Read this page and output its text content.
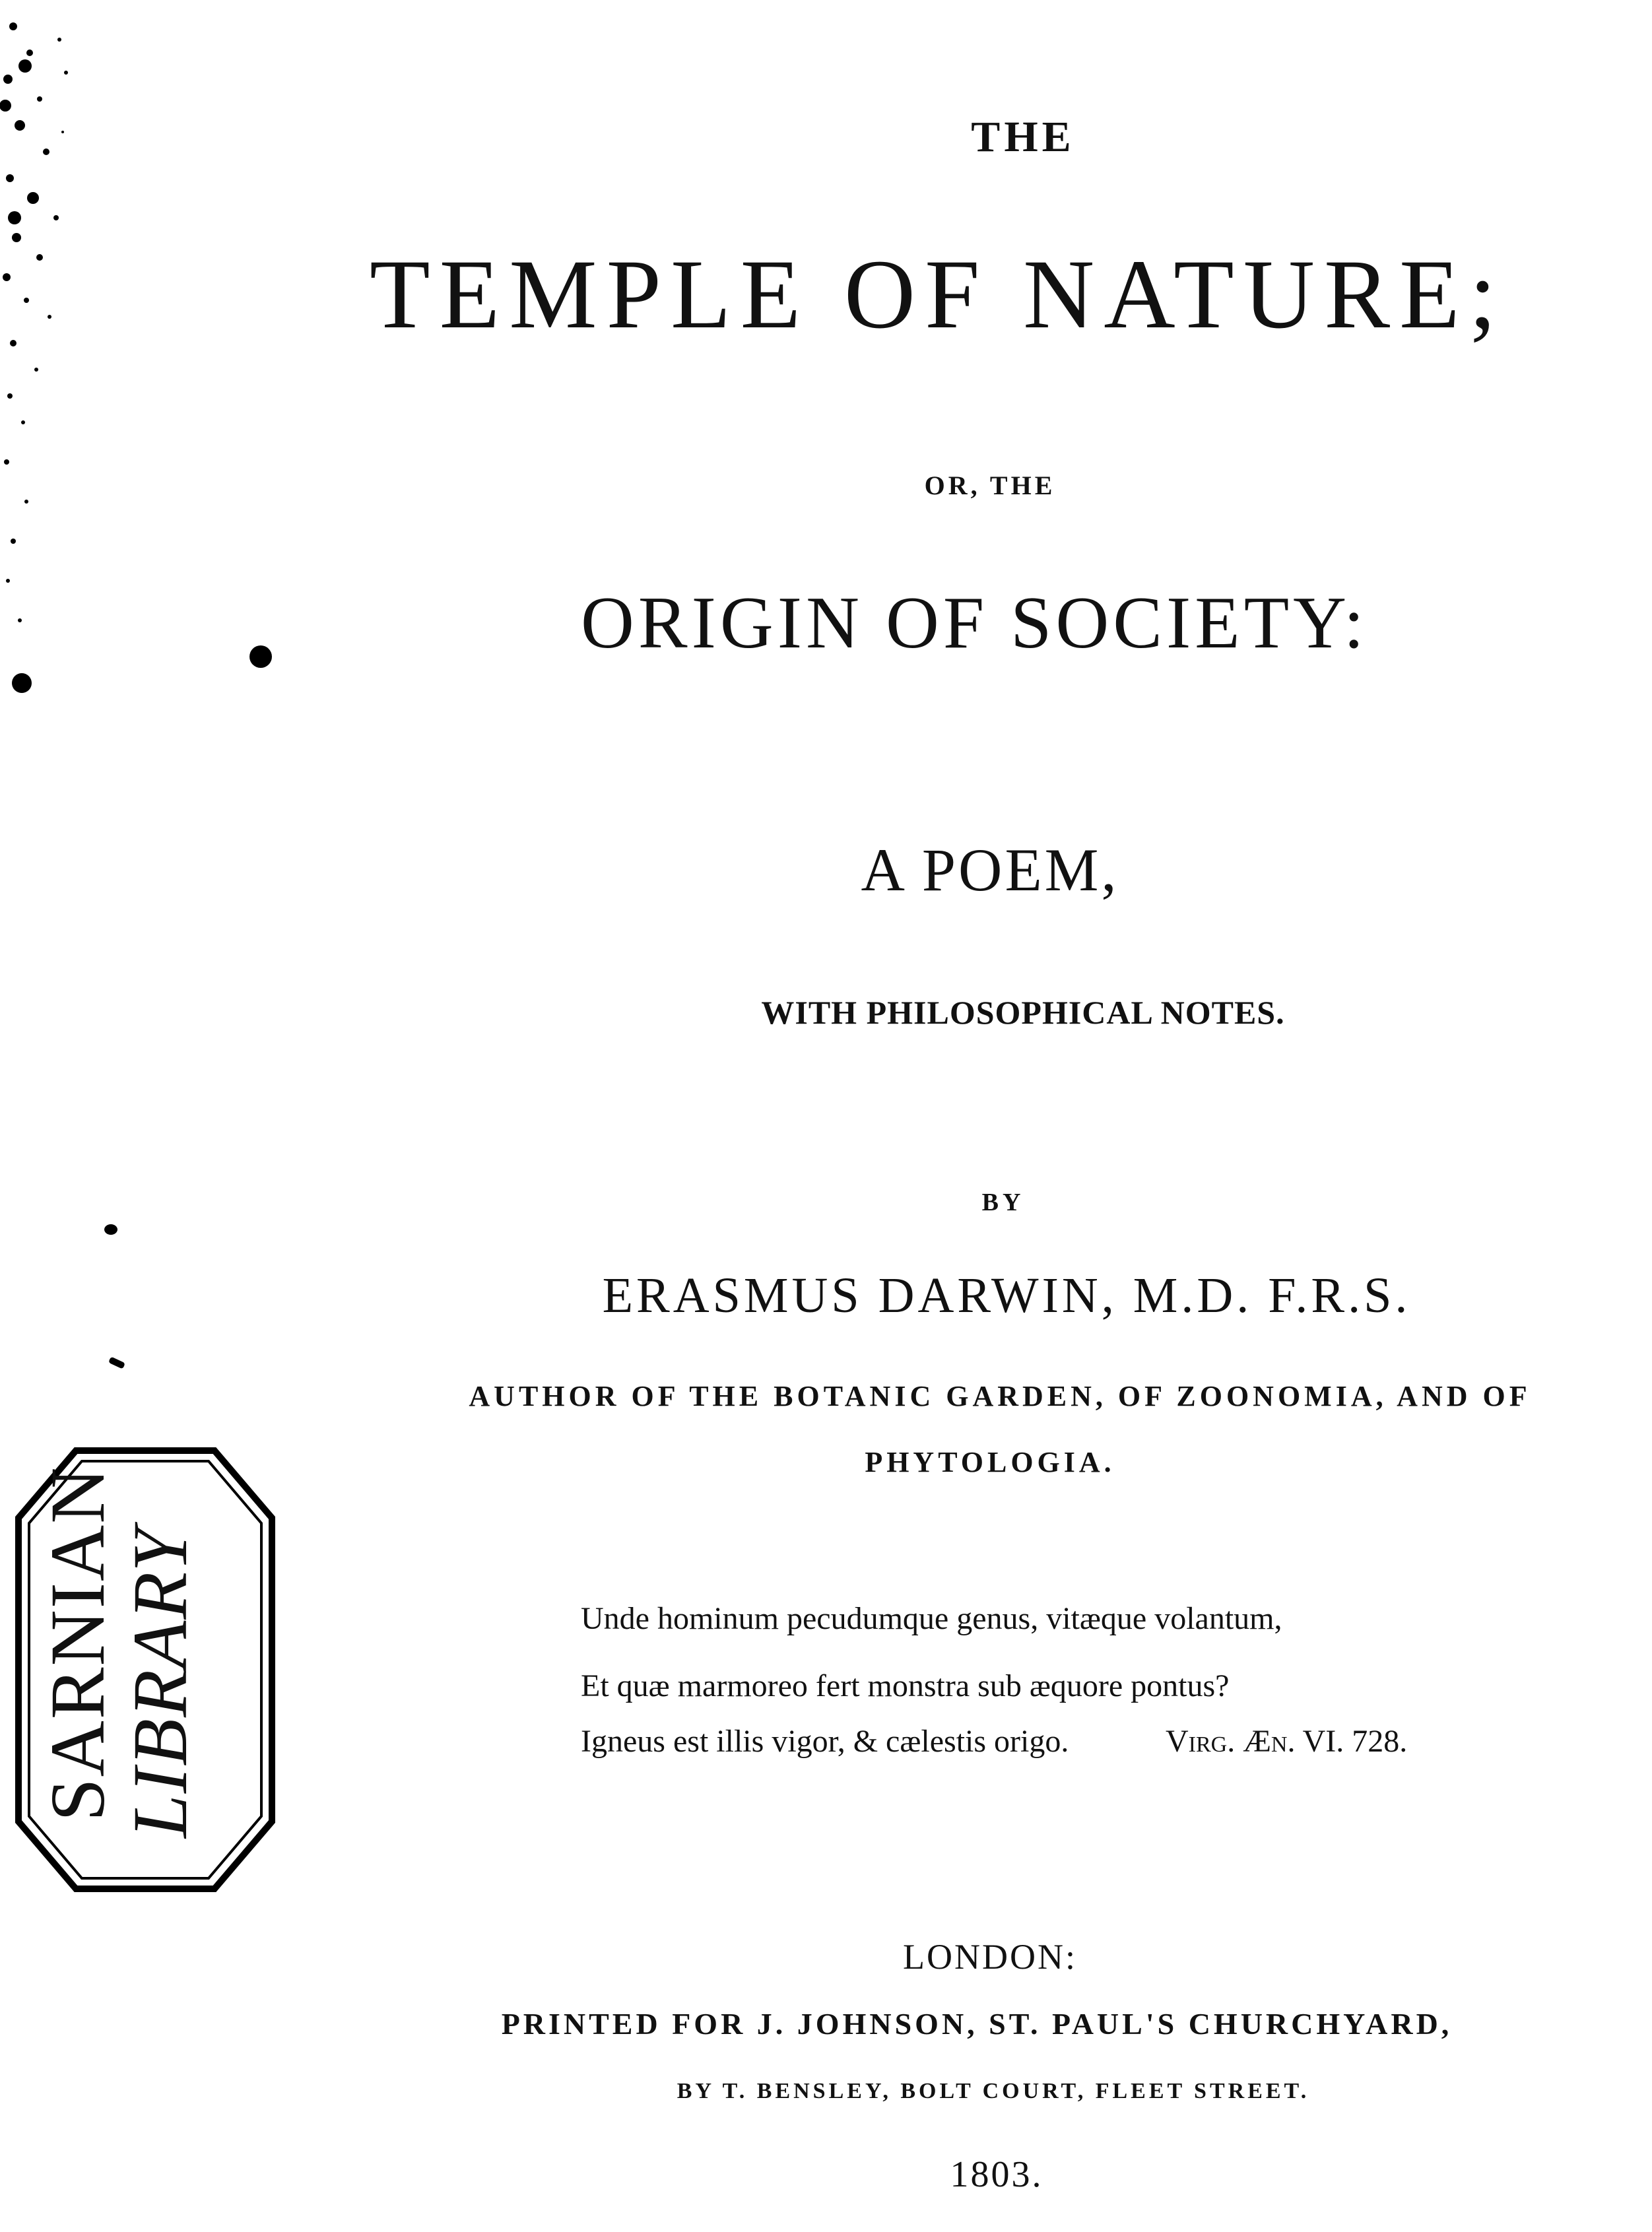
THE
TEMPLE OF NATURE;
OR, THE
ORIGIN OF SOCIETY:
A POEM,
WITH PHILOSOPHICAL NOTES.
BY
ERASMUS DARWIN, M.D. F.R.S.
AUTHOR OF THE BOTANIC GARDEN, OF ZOONOMIA, AND OF
PHYTOLOGIA.
Unde hominum pecudumque genus, vitæque volantum,
Et quæ marmoreo fert monstra sub æquore pontus?
Igneus est illis vigor, & cælestis origo.	Virg. Æn. VI. 728.
LONDON:
PRINTED FOR J. JOHNSON, ST. PAUL'S CHURCHYARD,
BY T. BENSLEY, BOLT COURT, FLEET STREET.
1803.
SARNIAN
LIBRARY
